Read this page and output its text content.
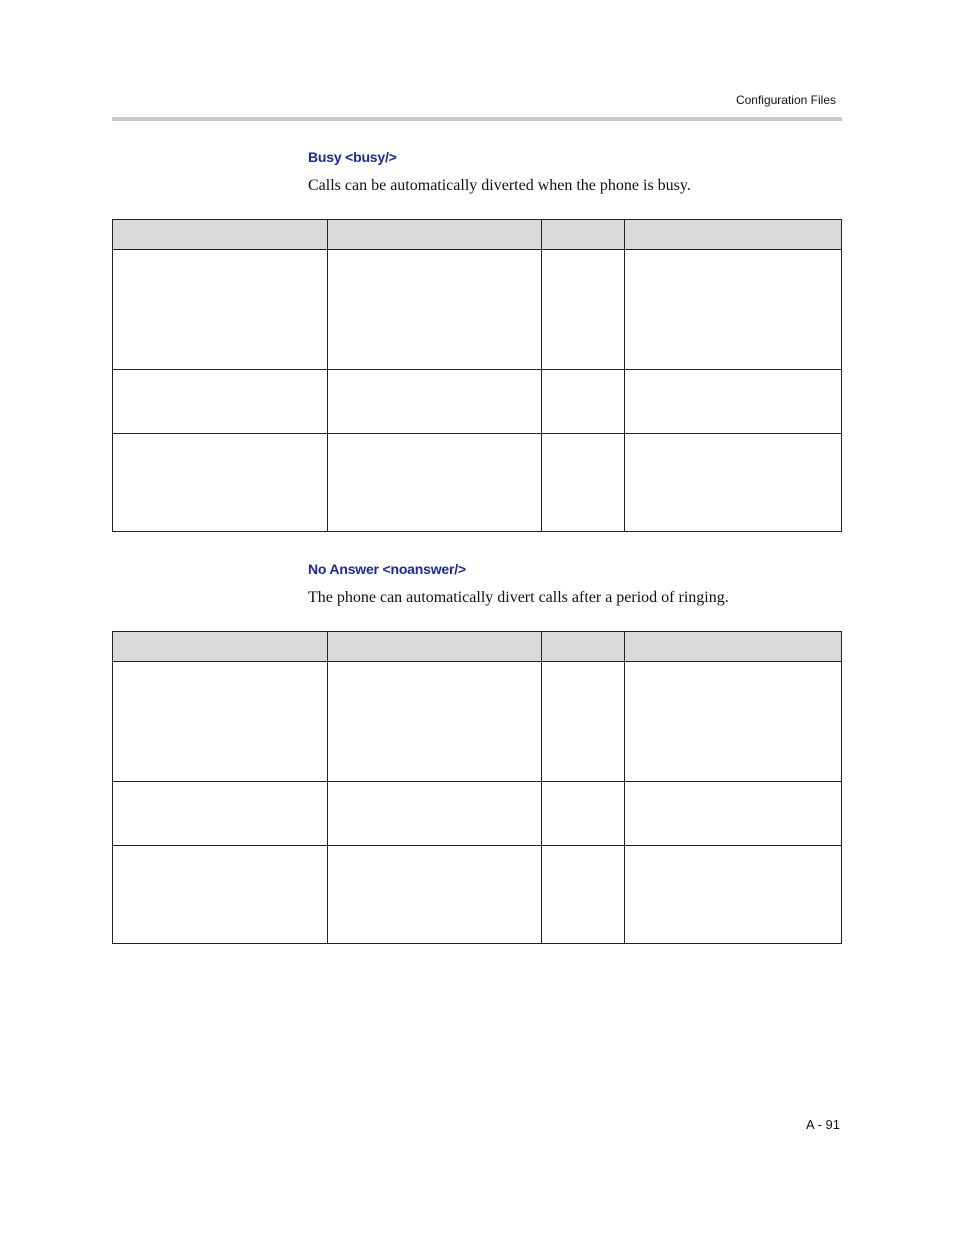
Configuration Files
Busy <busy/>
Calls can be automatically diverted when the phone is busy.

No Answer <noanswer/>
The phone can automatically divert calls after a period of ringing.

A - 91
